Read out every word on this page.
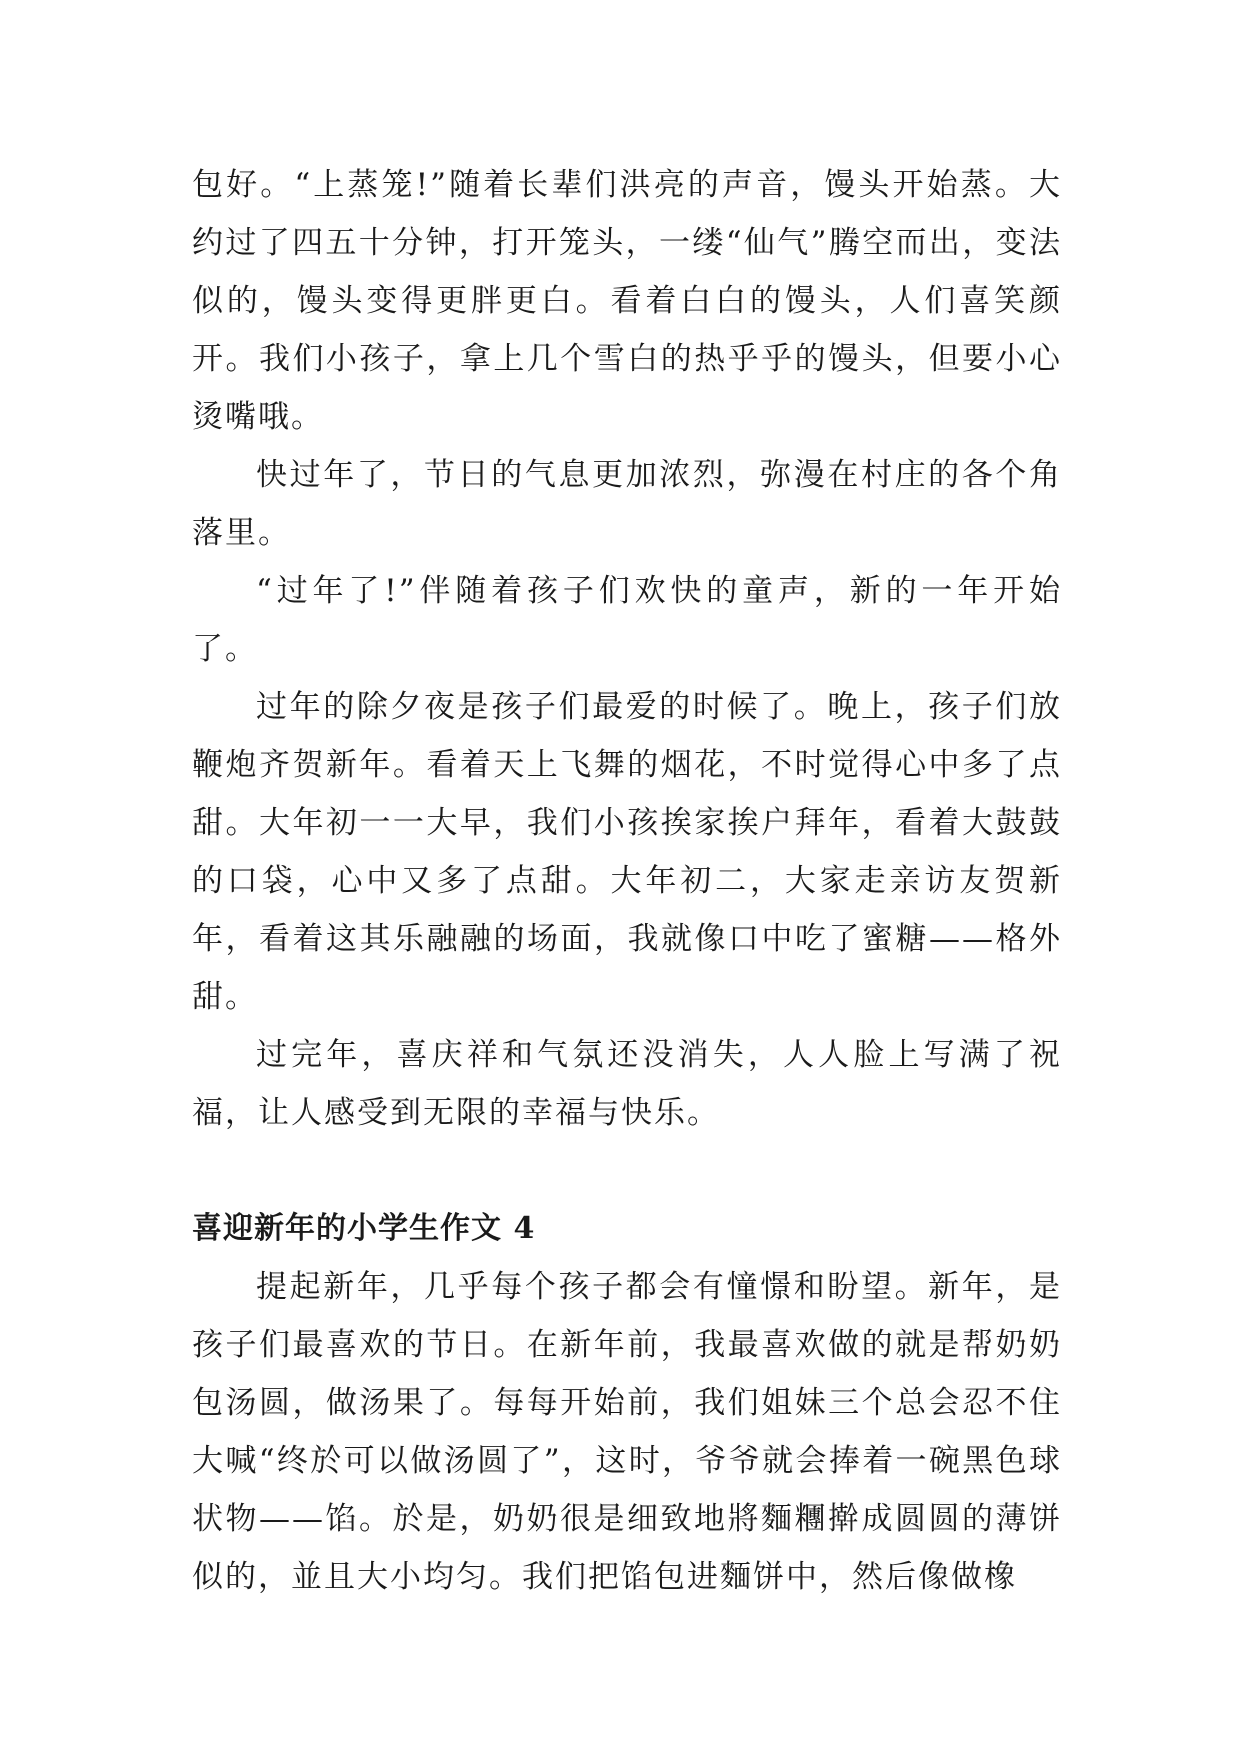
包好。“上蒸笼!”随着长辈们洪亮的声音，馒头开始蒸。大约过了四五十分钟，打开笼头，一缕“仙气”腾空而出，变法似的，馒头变得更胖更白。看着白白的馒头，人们喜笑颜开。我们小孩子，拿上几个雪白的热乎乎的馒头，但要小心烫嘴哦。

快过年了，节日的气息更加浓烈，弥漫在村庄的各个角落里。

“过年了!”伴随着孩子们欢快的童声，新的一年开始了。

过年的除夕夜是孩子们最爱的时候了。晚上，孩子们放鞭炮齐贺新年。看着天上飞舞的烟花，不时觉得心中多了点甜。大年初一一大早，我们小孩挨家挨户拜年，看着大鼓鼓的口袋，心中又多了点甜。大年初二，大家走亲访友贺新年，看着这其乐融融的场面，我就像口中吃了蜜糖——格外甜。

过完年，喜庆祥和气氛还没消失，人人脸上写满了祝福，让人感受到无限的幸福与快乐。

喜迎新年的小学生作文 4

提起新年，几乎每个孩子都会有憧憬和盼望。新年，是孩子们最喜欢的节日。在新年前，我最喜欢做的就是帮奶奶包汤圆，做汤果了。每每开始前，我们姐妹三个总会忍不住大喊“终於可以做汤圆了”，这时，爷爷就会捧着一碗黑色球状物——馅。於是，奶奶很是细致地將麵糰擀成圆圆的薄饼似的，並且大小均匀。我们把馅包进麵饼中，然后像做橡
